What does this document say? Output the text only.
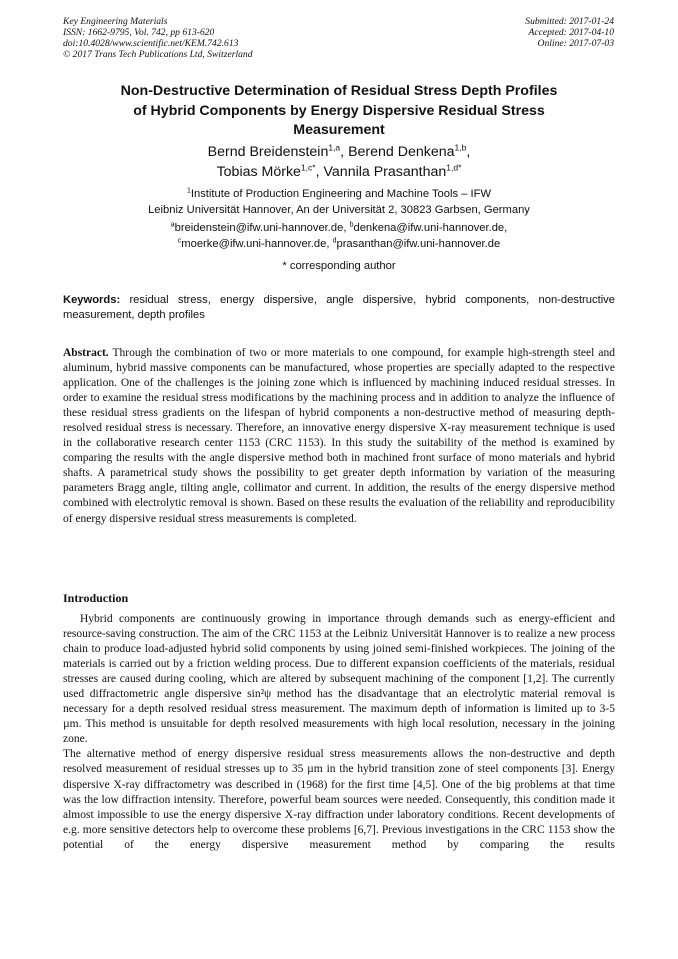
Key Engineering Materials
ISSN: 1662-9795, Vol. 742, pp 613-620
doi:10.4028/www.scientific.net/KEM.742.613
© 2017 Trans Tech Publications Ltd, Switzerland
Submitted: 2017-01-24
Accepted: 2017-04-10
Online: 2017-07-03
Non-Destructive Determination of Residual Stress Depth Profiles
of Hybrid Components by Energy Dispersive Residual Stress
Measurement
Bernd Breidenstein$^{1,a}$, Berend Denkena$^{1,b}$,
Tobias Mörke$^{1,c*}$, Vannila Prasanthan$^{1,d*}$
$^1$Institute of Production Engineering and Machine Tools – IFW
Leibniz Universität Hannover, An der Universität 2, 30823 Garbsen, Germany
$^a$breidenstein@ifw.uni-hannover.de, $^b$denkena@ifw.uni-hannover.de,
$^c$moerke@ifw.uni-hannover.de, $^d$prasanthan@ifw.uni-hannover.de
* corresponding author
Keywords: residual stress, energy dispersive, angle dispersive, hybrid components, non-destructive measurement, depth profiles

Abstract. Through the combination of two or more materials to one compound, for example high-strength steel and aluminum, hybrid massive components can be manufactured, whose properties are specially adapted to the respective application. One of the challenges is the joining zone which is influenced by machining induced residual stresses. In order to examine the residual stress modifications by the machining process and in addition to analyze the influence of these residual stress gradients on the lifespan of hybrid components a non-destructive method of measuring depth-resolved residual stress is necessary. Therefore, an innovative energy dispersive X-ray measurement technique is used in the collaborative research center 1153 (CRC 1153). In this study the suitability of the method is examined by comparing the results with the angle dispersive method both in machined front surface of mono materials and hybrid shafts. A parametrical study shows the possibility to get greater depth information by variation of the measuring parameters Bragg angle, tilting angle, collimator and current. In addition, the results of the energy dispersive method combined with electrolytic removal is shown. Based on these results the evaluation of the reliability and reproducibility of energy dispersive residual stress measurements is completed.

Introduction

Hybrid components are continuously growing in importance through demands such as energy-efficient and resource-saving construction. The aim of the CRC 1153 at the Leibniz Universität Hannover is to realize a new process chain to produce load-adjusted hybrid solid components by using joined semi-finished workpieces. The joining of the materials is carried out by a friction welding process. Due to different expansion coefficients of the materials, residual stresses are caused during cooling, which are altered by subsequent machining of the component [1,2]. The currently used diffractometric angle dispersive sin²ψ method has the disadvantage that an electrolytic material removal is necessary for a depth resolved residual stress measurement. The maximum depth of information is limited up to 3-5 µm. This method is unsuitable for depth resolved measurements with high local resolution, necessary in the joining zone.

The alternative method of energy dispersive residual stress measurements allows the non-destructive and depth resolved measurement of residual stresses up to 35 µm in the hybrid transition zone of steel components [3]. Energy dispersive X-ray diffractometry was described in (1968) for the first time [4,5]. One of the big problems at that time was the low diffraction intensity. Therefore, powerful beam sources were needed. Consequently, this condition made it almost impossible to use the energy dispersive X-ray diffraction under laboratory conditions. Recent developments of e.g. more sensitive detectors help to overcome these problems [6,7]. Previous investigations in the CRC 1153 show the potential of the energy dispersive measurement method by comparing the results
